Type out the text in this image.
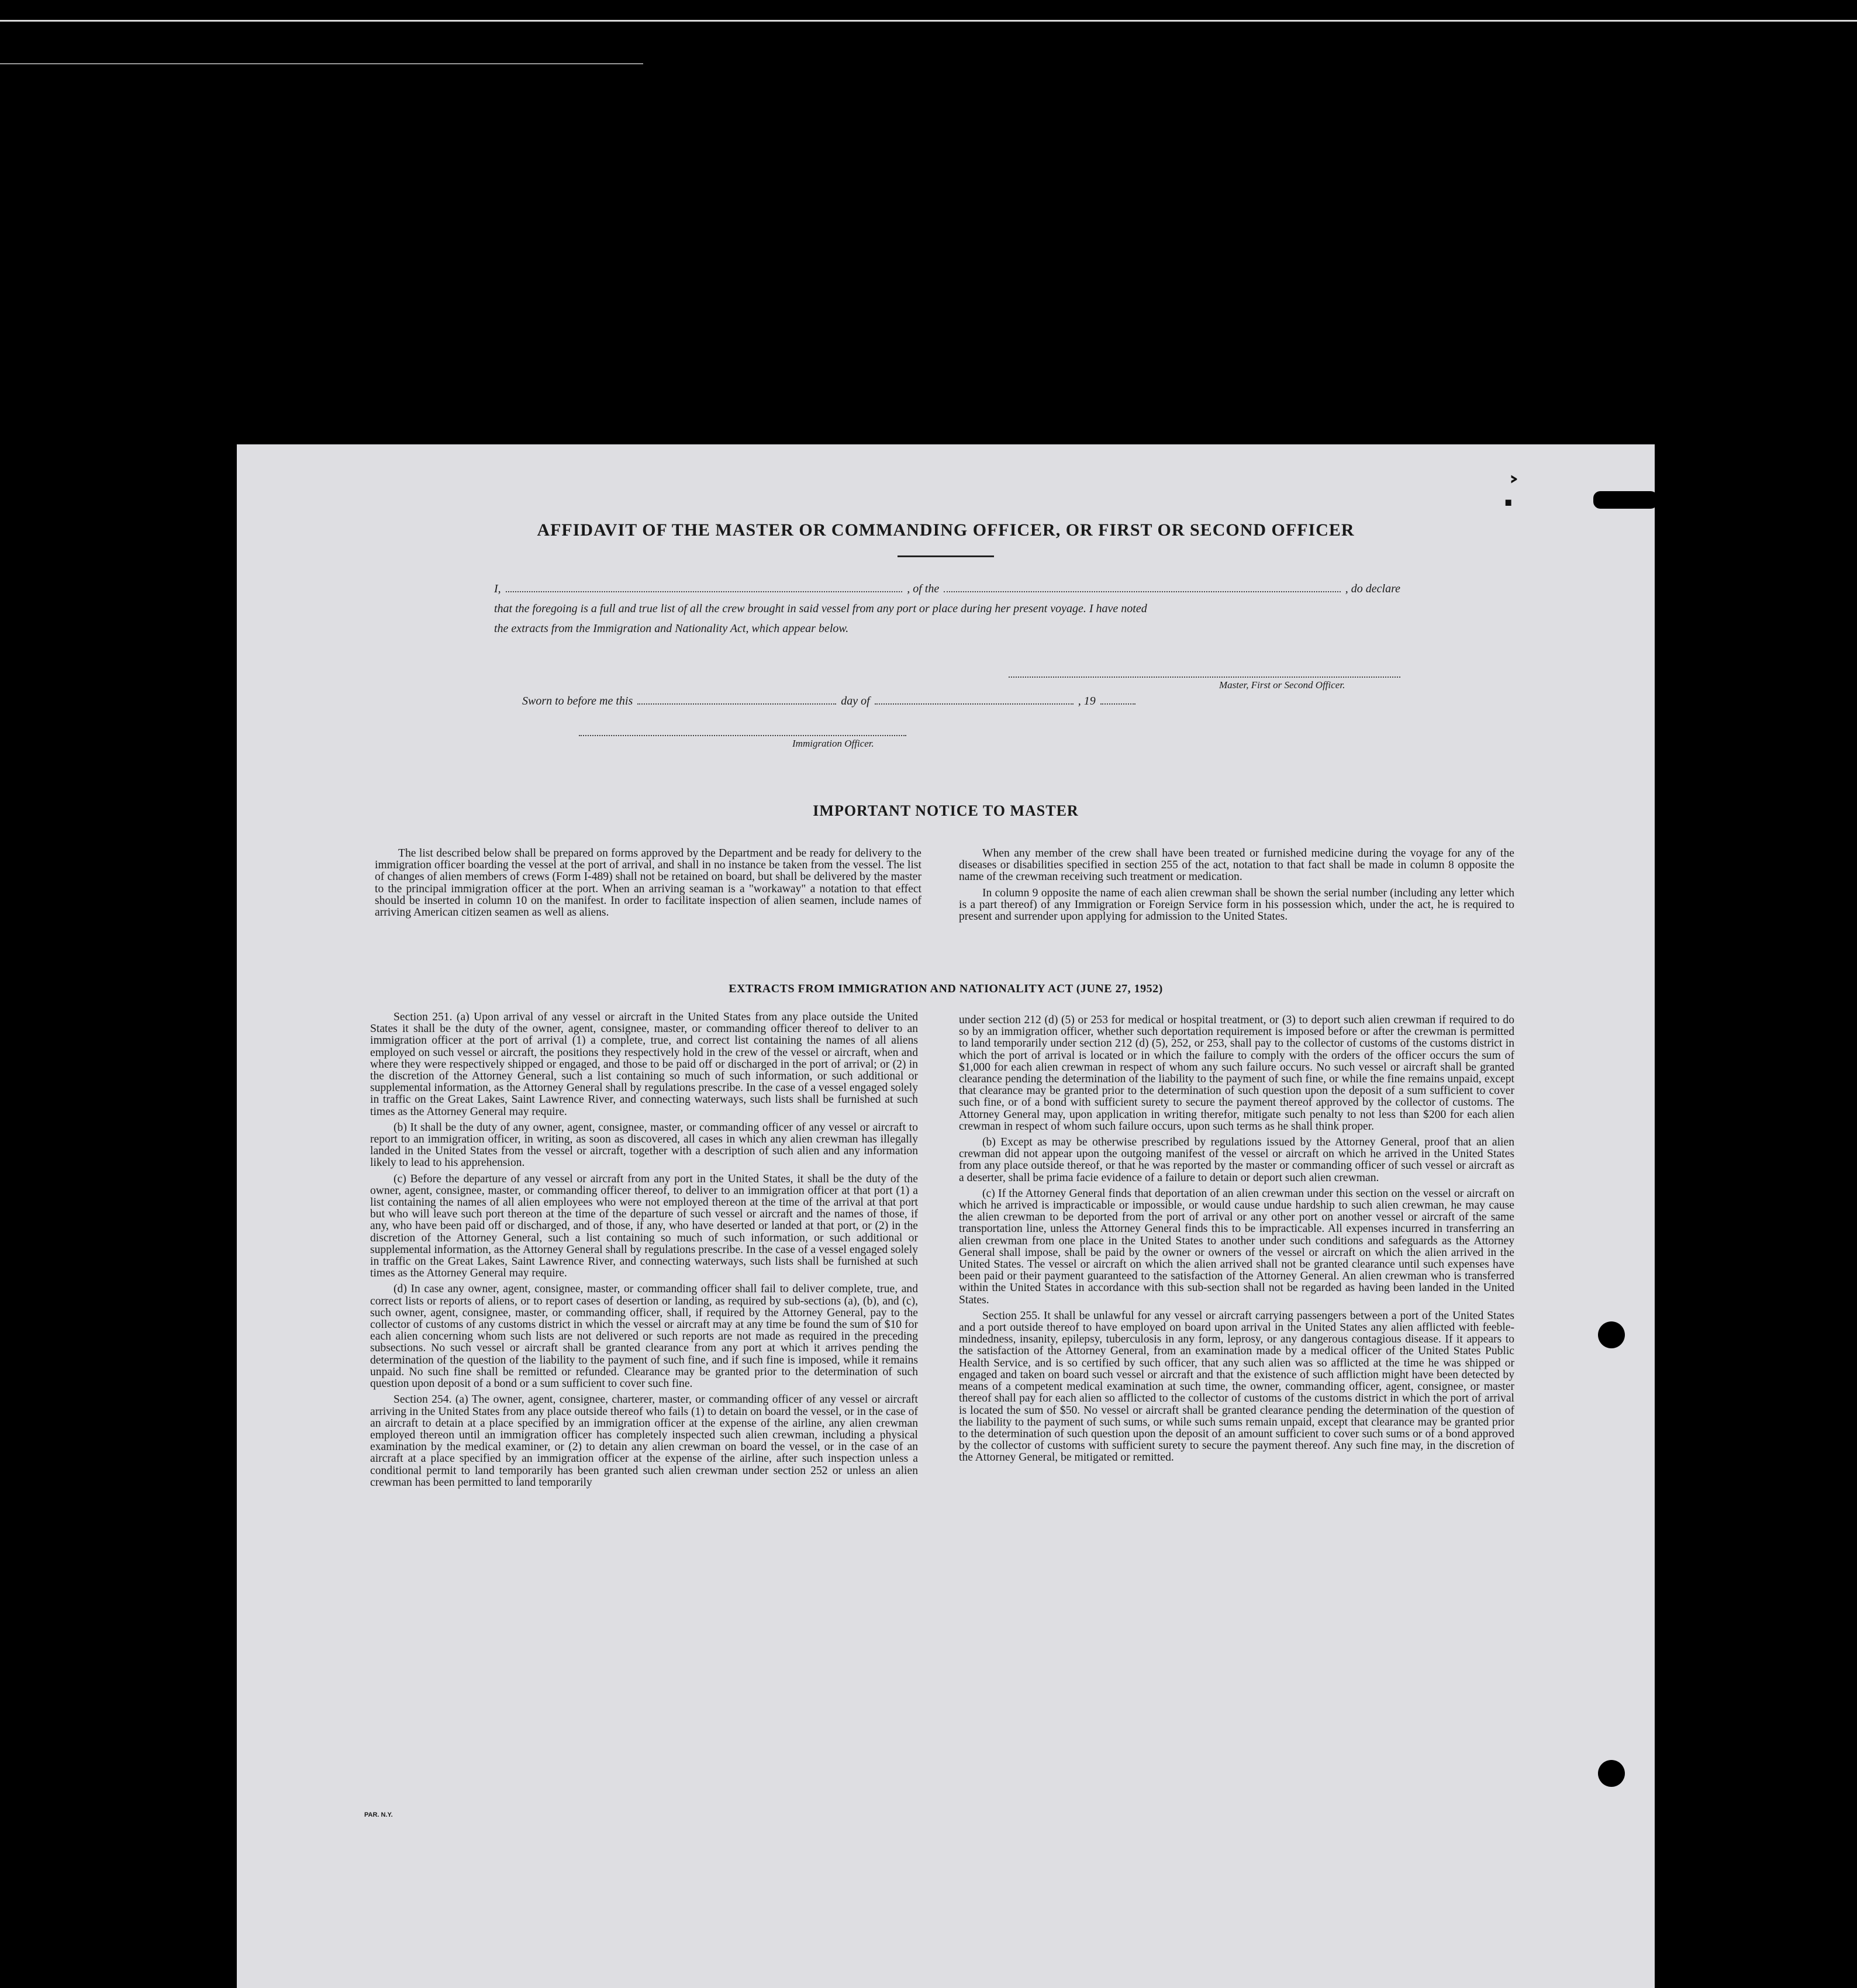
.͐
AFFIDAVIT OF THE MASTER OR COMMANDING OFFICER, OR FIRST OR SECOND OFFICER
I,	, of the	, do declare
that the foregoing is a full and true list of all the crew brought in said vessel from any port or place during her present voyage. I have noted
the extracts from the Immigration and Nationality Act, which appear below.
Master, First or Second Officer.
Sworn to before me this	day of	, 19
Immigration Officer.
IMPORTANT NOTICE TO MASTER

The list described below shall be prepared on forms approved by the Department and be ready for delivery to the immigration officer boarding the vessel at the port of arrival, and shall in no instance be taken from the vessel. The list of changes of alien members of crews (Form I-489) shall not be retained on board, but shall be delivered by the master to the principal immigration officer at the port. When an arriving seaman is a "workaway" a notation to that effect should be inserted in column 10 on the manifest. In order to facilitate inspection of alien seamen, include names of arriving American citizen seamen as well as aliens.

When any member of the crew shall have been treated or furnished medicine during the voyage for any of the diseases or disabilities specified in section 255 of the act, notation to that fact shall be made in column 8 opposite the name of the crewman receiving such treatment or medication.

In column 9 opposite the name of each alien crewman shall be shown the serial number (including any letter which is a part thereof) of any Immigration or Foreign Service form in his possession which, under the act, he is required to present and surrender upon applying for admission to the United States.

EXTRACTS FROM IMMIGRATION AND NATIONALITY ACT (JUNE 27, 1952)

Section 251. (a) Upon arrival of any vessel or aircraft in the United States from any place outside the United States it shall be the duty of the owner, agent, consignee, master, or commanding officer thereof to deliver to an immigration officer at the port of arrival (1) a complete, true, and correct list containing the names of all aliens employed on such vessel or aircraft, the positions they respectively hold in the crew of the vessel or aircraft, when and where they were respectively shipped or engaged, and those to be paid off or discharged in the port of arrival; or (2) in the discretion of the Attorney General, such a list containing so much of such information, or such additional or supplemental information, as the Attorney General shall by regulations prescribe. In the case of a vessel engaged solely in traffic on the Great Lakes, Saint Lawrence River, and connecting waterways, such lists shall be furnished at such times as the Attorney General may require.

(b) It shall be the duty of any owner, agent, consignee, master, or commanding officer of any vessel or aircraft to report to an immigration officer, in writing, as soon as discovered, all cases in which any alien crewman has illegally landed in the United States from the vessel or aircraft, together with a description of such alien and any information likely to lead to his apprehension.

(c) Before the departure of any vessel or aircraft from any port in the United States, it shall be the duty of the owner, agent, consignee, master, or commanding officer thereof, to deliver to an immigration officer at that port (1) a list containing the names of all alien employees who were not employed thereon at the time of the arrival at that port but who will leave such port thereon at the time of the departure of such vessel or aircraft and the names of those, if any, who have been paid off or discharged, and of those, if any, who have deserted or landed at that port, or (2) in the discretion of the Attorney General, such a list containing so much of such information, or such additional or supplemental information, as the Attorney General shall by regulations prescribe. In the case of a vessel engaged solely in traffic on the Great Lakes, Saint Lawrence River, and connecting waterways, such lists shall be furnished at such times as the Attorney General may require.

(d) In case any owner, agent, consignee, master, or commanding officer shall fail to deliver complete, true, and correct lists or reports of aliens, or to report cases of desertion or landing, as required by sub-sections (a), (b), and (c), such owner, agent, consignee, master, or commanding officer, shall, if required by the Attorney General, pay to the collector of customs of any customs district in which the vessel or aircraft may at any time be found the sum of $10 for each alien concerning whom such lists are not delivered or such reports are not made as required in the preceding subsections. No such vessel or aircraft shall be granted clearance from any port at which it arrives pending the determination of the question of the liability to the payment of such fine, and if such fine is imposed, while it remains unpaid. No such fine shall be remitted or refunded. Clearance may be granted prior to the determination of such question upon deposit of a bond or a sum sufficient to cover such fine.

Section 254. (a) The owner, agent, consignee, charterer, master, or commanding officer of any vessel or aircraft arriving in the United States from any place outside thereof who fails (1) to detain on board the vessel, or in the case of an aircraft to detain at a place specified by an immigration officer at the expense of the airline, any alien crewman employed thereon until an immigration officer has completely inspected such alien crewman, including a physical examination by the medical examiner, or (2) to detain any alien crewman on board the vessel, or in the case of an aircraft at a place specified by an immigration officer at the expense of the airline, after such inspection unless a conditional permit to land temporarily has been granted such alien crewman under section 252 or unless an alien crewman has been permitted to land temporarily

under section 212 (d) (5) or 253 for medical or hospital treatment, or (3) to deport such alien crewman if required to do so by an immigration officer, whether such deportation requirement is imposed before or after the crewman is permitted to land temporarily under section 212 (d) (5), 252, or 253, shall pay to the collector of customs of the customs district in which the port of arrival is located or in which the failure to comply with the orders of the officer occurs the sum of $1,000 for each alien crewman in respect of whom any such failure occurs. No such vessel or aircraft shall be granted clearance pending the determination of the liability to the payment of such fine, or while the fine remains unpaid, except that clearance may be granted prior to the determination of such question upon the deposit of a sum sufficient to cover such fine, or of a bond with sufficient surety to secure the payment thereof approved by the collector of customs. The Attorney General may, upon application in writing therefor, mitigate such penalty to not less than $200 for each alien crewman in respect of whom such failure occurs, upon such terms as he shall think proper.

(b) Except as may be otherwise prescribed by regulations issued by the Attorney General, proof that an alien crewman did not appear upon the outgoing manifest of the vessel or aircraft on which he arrived in the United States from any place outside thereof, or that he was reported by the master or commanding officer of such vessel or aircraft as a deserter, shall be prima facie evidence of a failure to detain or deport such alien crewman.

(c) If the Attorney General finds that deportation of an alien crewman under this section on the vessel or aircraft on which he arrived is impracticable or impossible, or would cause undue hardship to such alien crewman, he may cause the alien crewman to be deported from the port of arrival or any other port on another vessel or aircraft of the same transportation line, unless the Attorney General finds this to be impracticable. All expenses incurred in transferring an alien crewman from one place in the United States to another under such conditions and safeguards as the Attorney General shall impose, shall be paid by the owner or owners of the vessel or aircraft on which the alien arrived in the United States. The vessel or aircraft on which the alien arrived shall not be granted clearance until such expenses have been paid or their payment guaranteed to the satisfaction of the Attorney General. An alien crewman who is transferred within the United States in accordance with this sub-section shall not be regarded as having been landed in the United States.

Section 255. It shall be unlawful for any vessel or aircraft carrying passengers between a port of the United States and a port outside thereof to have employed on board upon arrival in the United States any alien afflicted with feeble-mindedness, insanity, epilepsy, tuberculosis in any form, leprosy, or any dangerous contagious disease. If it appears to the satisfaction of the Attorney General, from an examination made by a medical officer of the United States Public Health Service, and is so certified by such officer, that any such alien was so afflicted at the time he was shipped or engaged and taken on board such vessel or aircraft and that the existence of such affliction might have been detected by means of a competent medical examination at such time, the owner, commanding officer, agent, consignee, or master thereof shall pay for each alien so afflicted to the collector of customs of the customs district in which the port of arrival is located the sum of $50. No vessel or aircraft shall be granted clearance pending the determination of the question of the liability to the payment of such sums, or while such sums remain unpaid, except that clearance may be granted prior to the determination of such question upon the deposit of an amount sufficient to cover such sums or of a bond approved by the collector of customs with sufficient surety to secure the payment thereof. Any such fine may, in the discretion of the Attorney General, be mitigated or remitted.

PAR. N.Y.
